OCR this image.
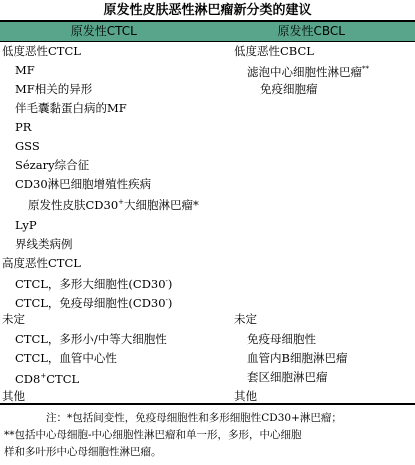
原发性皮肤恶性淋巴瘤新分类的建议
原发性CTCL	原发性CBCL
低度恶性CTCL
MF
MF相关的异形
伴毛囊黏蛋白病的MF
PR
GSS
Sézary综合征
CD30淋巴细胞增殖性疾病
原发性皮肤CD30+大细胞淋巴瘤*
LyP
界线类病例
高度恶性CTCL
CTCL，多形大细胞性(CD30-)
CTCL，免疫母细胞性(CD30-)
未定
CTCL，多形小/中等大细胞性
CTCL，血管中心性
CD8+CTCL
其他
低度恶性CBCL
滤泡中心细胞性淋巴瘤**
免疫细胞瘤
未定
免疫母细胞性
血管内B细胞淋巴瘤
套区细胞淋巴瘤
其他

注：*包括间变性，免疫母细胞性和多形细胞性CD30+淋巴瘤；

**包括中心母细胞-中心细胞性淋巴瘤和单一形，多形，中心细胞

样和多叶形中心母细胞性淋巴瘤。
